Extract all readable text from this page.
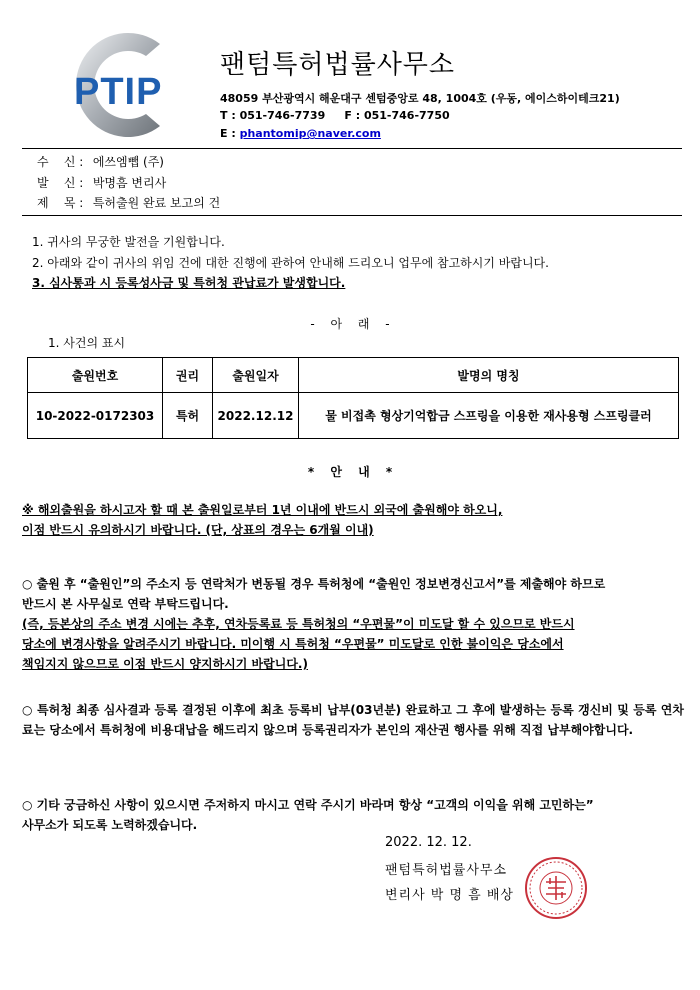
PTIP
팬텀특허법률사무소
48059 부산광역시 해운대구 센텀중앙로 48, 1004호 (우동, 에이스하이테크21)
T : 051-746-7739 F : 051-746-7750
E : phantomip@naver.com
수    신 : 에쓰엠뺍 (주)
발    신 : 박명흠 변리사
제    목 : 특허출원 완료 보고의 건
1. 귀사의 무궁한 발전을 기원합니다.
2. 아래와 같이 귀사의 위임 건에 대한 진행에 관하여 안내해 드리오니 업무에 참고하시기 바랍니다.
3. 심사통과 시 등록성사금 및 특허청 관납료가 발생합니다.
- 아 래 -
1. 사건의 표시
출원번호	권리	출원일자	발명의 명칭
10-2022-0172303	특허	2022.12.12	물 비접촉 형상기억합금 스프링을 이용한 재사용형 스프링클러
* 안 내 *
※ 해외출원을 하시고자 할 때 본 출원일로부터 1년 이내에 반드시 외국에 출원해야 하오니,
이점 반드시 유의하시기 바랍니다. (단, 상표의 경우는 6개월 이내)
○ 출원 후 “출원인”의 주소지 등 연락처가 변동될 경우 특허청에 “출원인 정보변경신고서”를 제출해야 하므로
반드시 본 사무실로 연락 부탁드립니다.
(즉, 등본상의 주소 변경 시에는 추후, 연차등록료 등 특허청의 “우편물”이 미도달 할 수 있으므로 반드시
당소에 변경사항을 알려주시기 바랍니다. 미이행 시 특허청 “우편물” 미도달로 인한 불이익은 당소에서
책임지지 않으므로 이점 반드시 양지하시기 바랍니다.)
○ 특허청 최종 심사결과 등록 결정된 이후에 최초 등록비 납부(03년분) 완료하고 그 후에 발생하는 등록 갱신비 및 등록 연차료는 당소에서 특허청에 비용대납을 해드리지 않으며 등록권리자가 본인의 재산권 행사를 위해 직접 납부해야합니다.
○ 기타 궁금하신 사항이 있으시면 주저하지 마시고 연락 주시기 바라며 항상 “고객의 이익을 위해 고민하는”
사무소가 되도록 노력하겠습니다.
2022. 12. 12.
팬텀특허법률사무소
변리사 박 명 흠 배상
